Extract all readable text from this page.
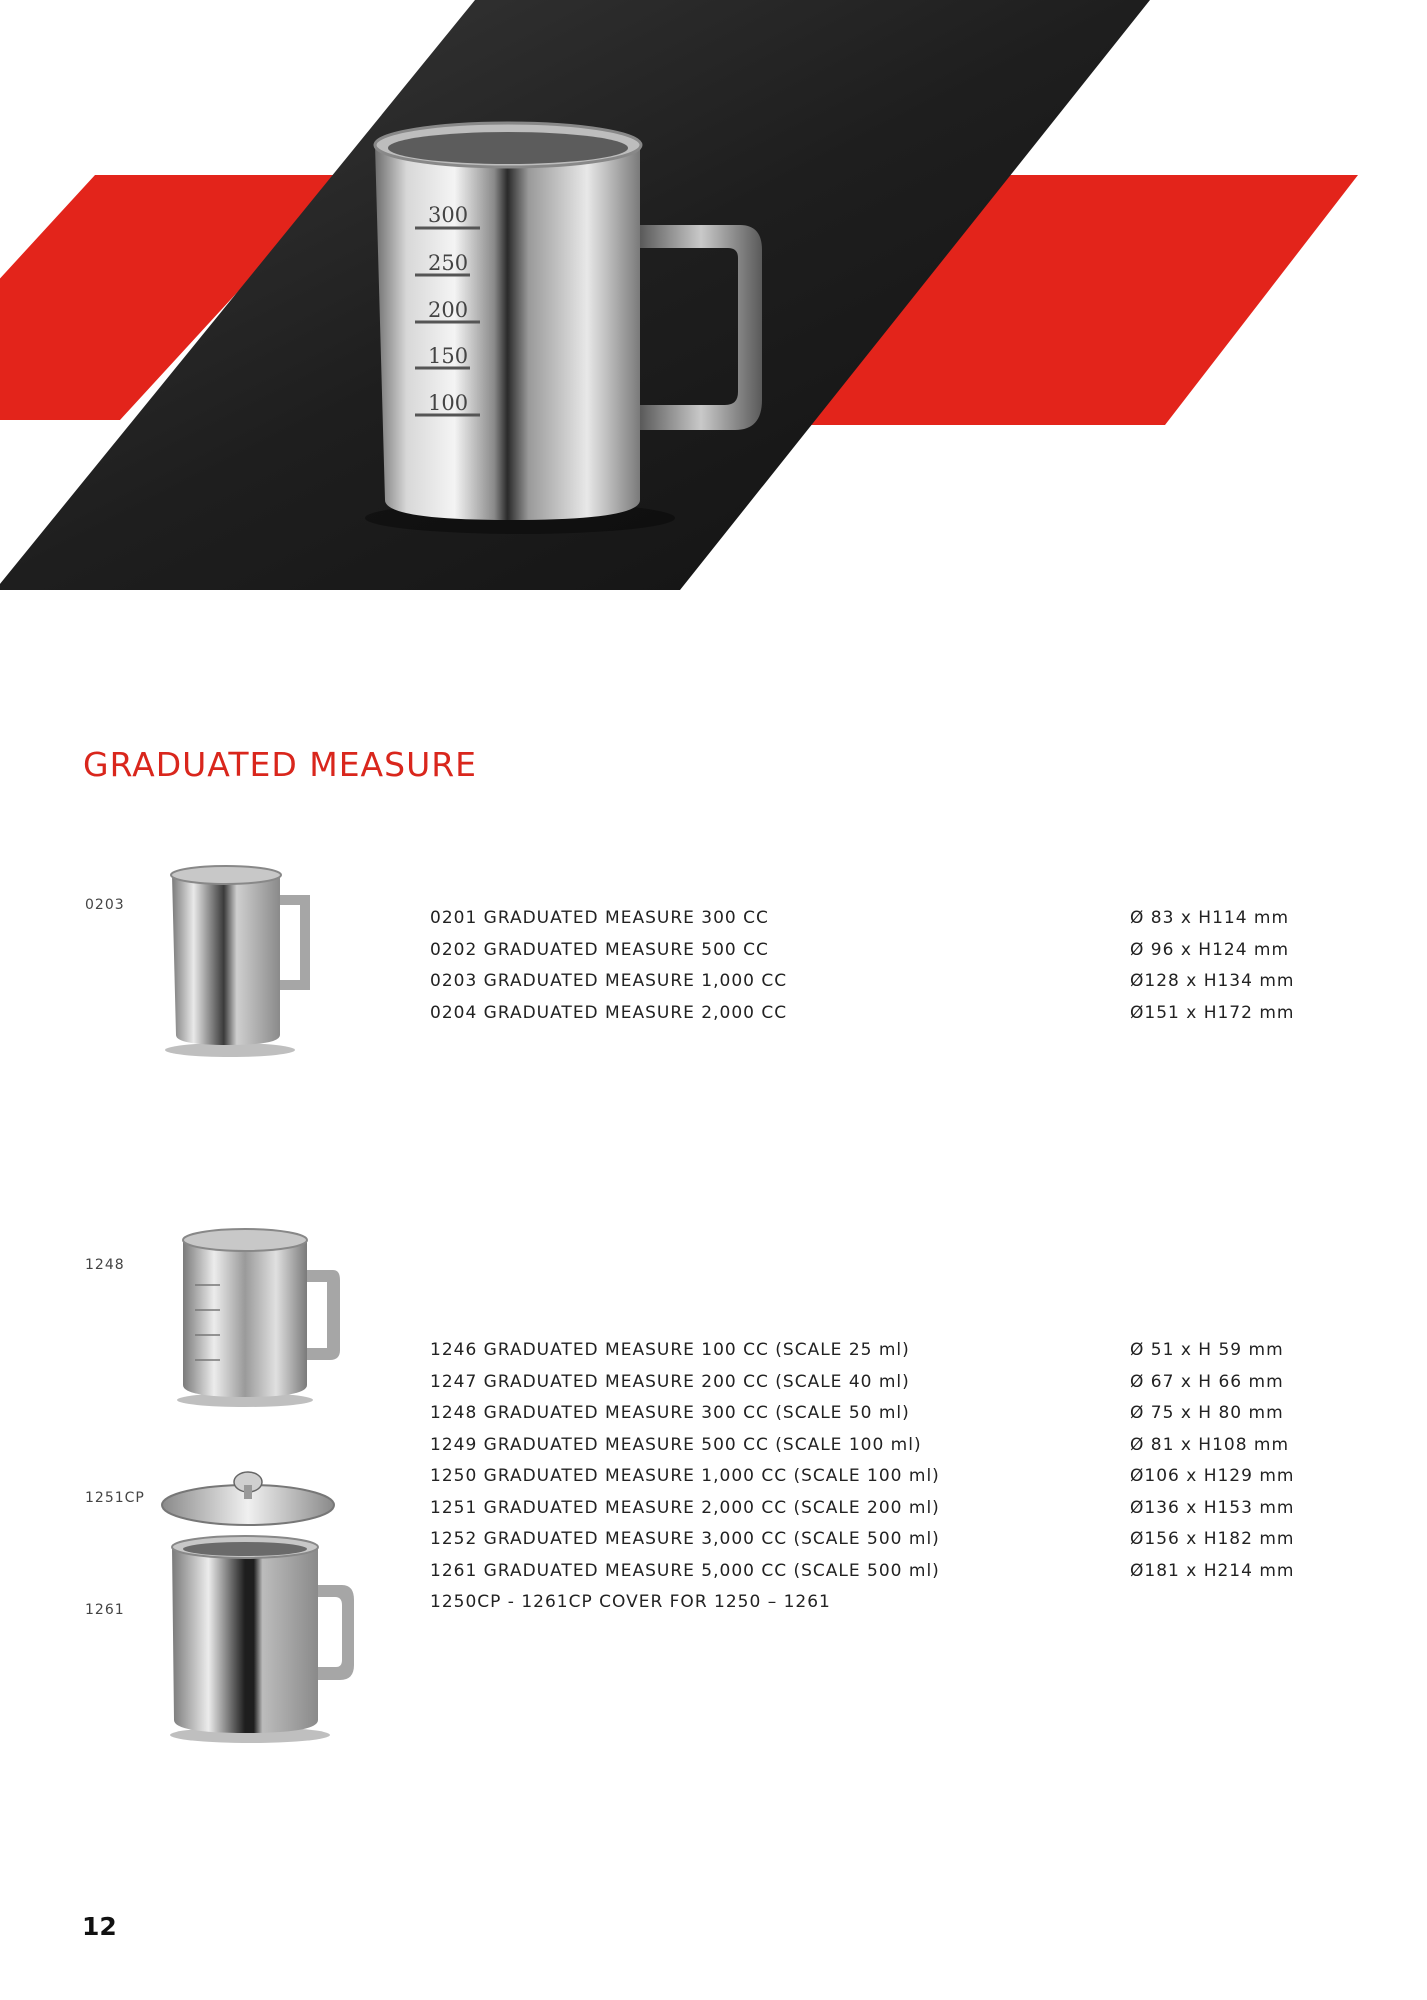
300
250
200
150
100
GRADUATED MEASURE
0203
0201 GRADUATED MEASURE 300 CC	Ø 83 x H114 mm
0202 GRADUATED MEASURE 500 CC	Ø 96 x H124 mm
0203 GRADUATED MEASURE 1,000 CC	Ø128 x H134 mm
0204 GRADUATED MEASURE 2,000 CC	Ø151 x H172 mm
1248
1251CP
1261
1246 GRADUATED MEASURE 100 CC (SCALE 25 ml)	Ø 51 x H 59 mm
1247 GRADUATED MEASURE 200 CC (SCALE 40 ml)	Ø 67 x H 66 mm
1248 GRADUATED MEASURE 300 CC (SCALE 50 ml)	Ø 75 x H 80 mm
1249 GRADUATED MEASURE 500 CC (SCALE 100 ml)	Ø 81 x H108 mm
1250 GRADUATED MEASURE 1,000 CC (SCALE 100 ml)	Ø106 x H129 mm
1251 GRADUATED MEASURE 2,000 CC (SCALE 200 ml)	Ø136 x H153 mm
1252 GRADUATED MEASURE 3,000 CC (SCALE 500 ml)	Ø156 x H182 mm
1261 GRADUATED MEASURE 5,000 CC (SCALE 500 ml)	Ø181 x H214 mm
1250CP - 1261CP COVER FOR 1250 – 1261
12
